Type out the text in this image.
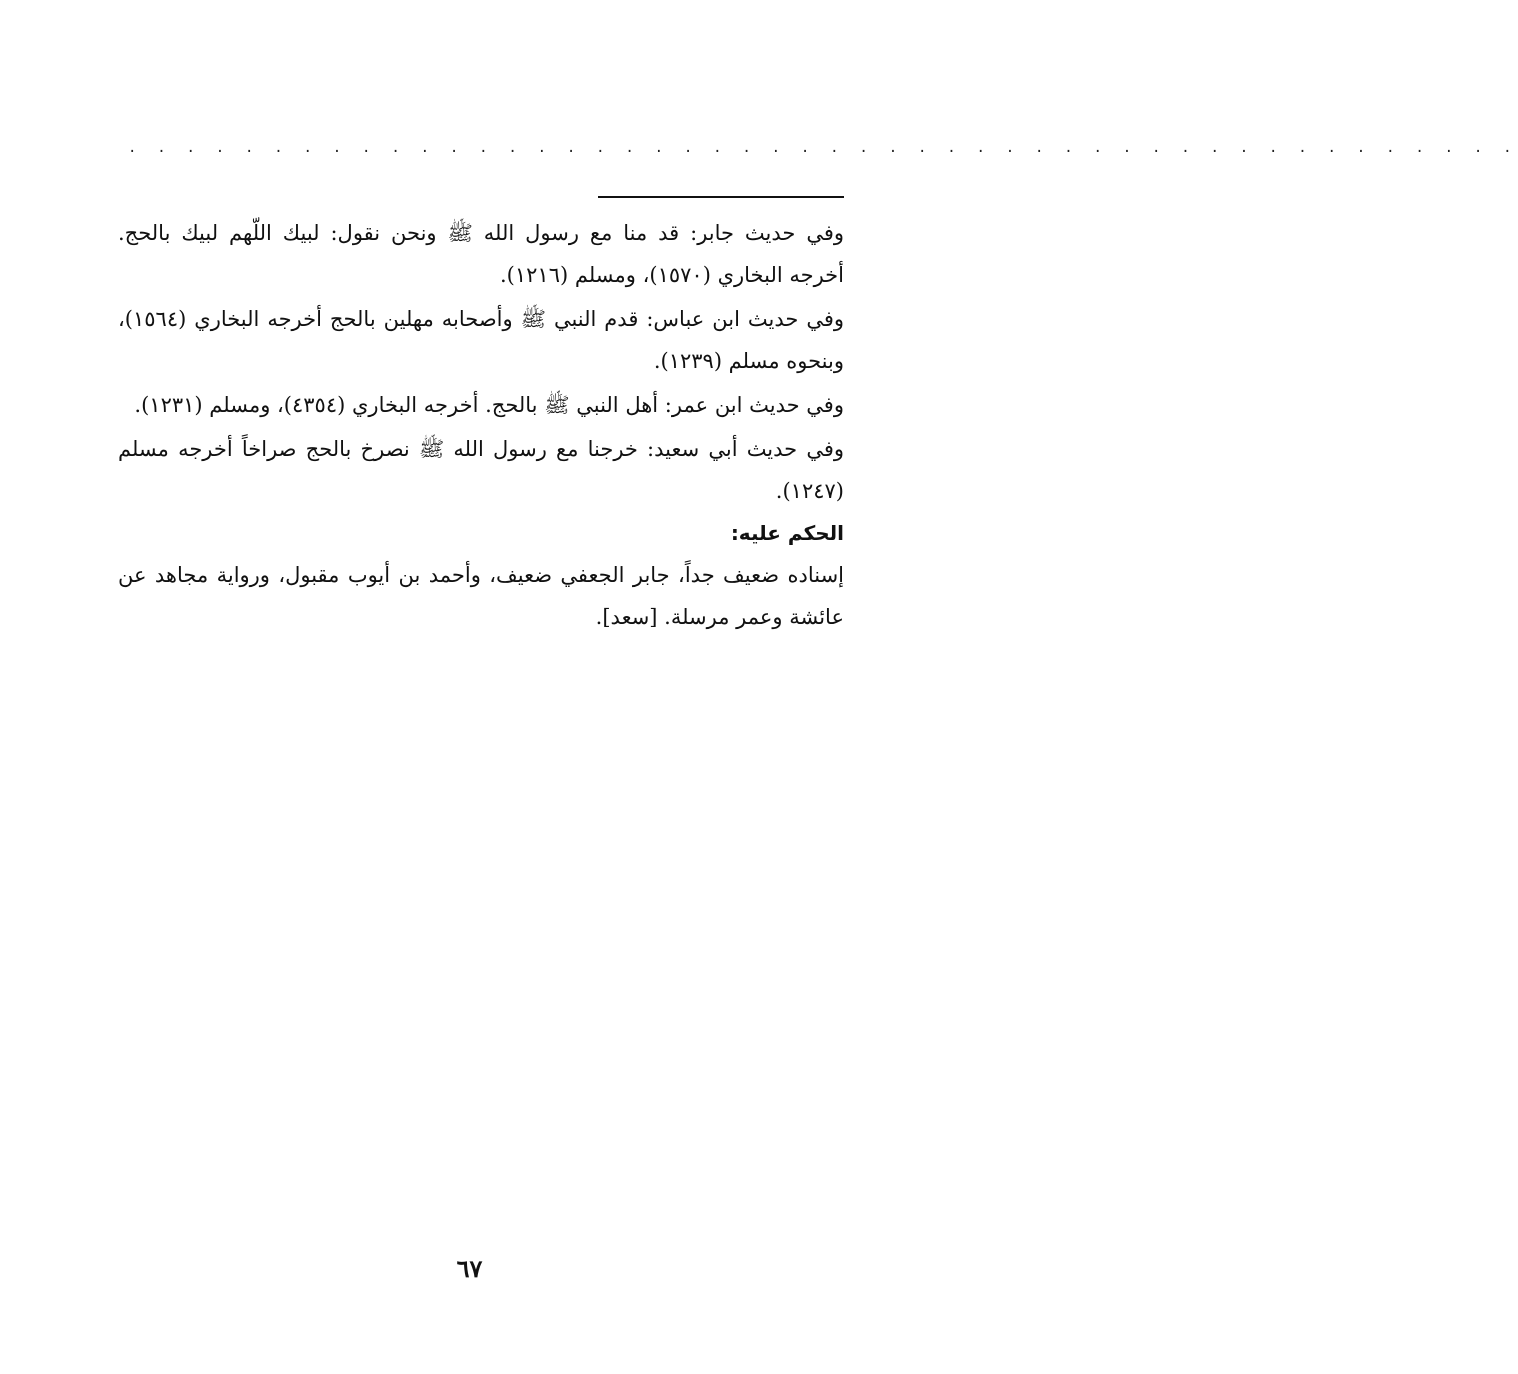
. . . . . . . . . . . . . . . . . . . . . . . . . . . . . . . . . . . . . . . . . . . . . . . .

وفي حديث جابر: قد منا مع رسول الله ﷺ ونحن نقول: لبيك اللّهم لبيك بالحج. أخرجه البخاري (١٥٧٠)، ومسلم (١٢١٦).

وفي حديث ابن عباس: قدم النبي ﷺ وأصحابه مهلين بالحج أخرجه البخاري (١٥٦٤)، وبنحوه مسلم (١٢٣٩).

وفي حديث ابن عمر: أهل النبي ﷺ بالحج. أخرجه البخاري (٤٣٥٤)، ومسلم (١٢٣١).

وفي حديث أبي سعيد: خرجنا مع رسول الله ﷺ نصرخ بالحج صراخاً أخرجه مسلم (١٢٤٧).

الحكم عليه:

إسناده ضعيف جداً، جابر الجعفي ضعيف، وأحمد بن أيوب مقبول، ورواية مجاهد عن عائشة وعمر مرسلة. [سعد].

٦٧
